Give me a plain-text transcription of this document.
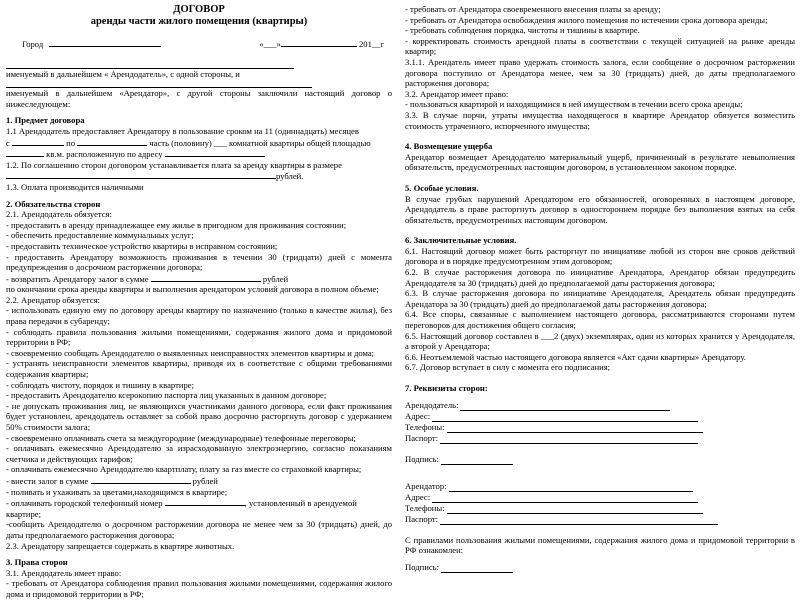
ДОГОВОР
аренды части жилого помещения (квартиры)
Город	«___»	201__г
именуемый в дальнейшем « Арендодатель», с одной стороны, и
именуемый в дальнейшем «Арендатор», с другой стороны заключили настоящий договор о нижеследующем:
1. Предмет договора
1.1 Арендодатель предоставляет Арендатору в пользование сроком на 11 (одиннадцать) месяцев
с	по	часть (половину) ___ комнатной квартиры общей площадью
кв.м. расположенную по адресу
1.2. По соглашению сторон договором устанавливается плата за аренду квартиры в размере
рублей.
1.3. Оплата производится наличными
2. Обязательства сторон
2.1. Арендодатель обязуется:
- предоставить в аренду принадлежащее ему жилье в пригодном для проживания состоянии;
- обеспечить предоставление коммунальных услуг;
- предоставить техническое устройство квартиры в исправном состоянии;
- предоставить Арендатору возможность проживания в течении 30 (тридцати) дней с момента предупреждения о досрочном расторжении договора;
- возвратить Арендатору залог в сумме	рублей
по окончании срока аренды квартиры и выполнения арендатором условий договора в полном объеме;
2.2. Арендатор обязуется:
- использовать единую ему по договору аренды квартиру по назначению (только в качестве жилья), без права передачи в субаренду;
- соблюдать правила пользования жилыми помещениями, содержания жилого дома и придомовой территории в РФ;
- своевременно сообщать Арендодателю о выявленных неисправностях элементов квартиры и дома;
- устранять неисправности элементов квартиры, приводя их в соответствие с общими требованиями содержания квартиры;
- соблюдать чистоту, порядок и тишину в квартире;
- предоставить Арендодателю ксерокопию паспорта лиц указанных в данном договоре;
- не допускать проживания лиц, не являющихся участниками данного договора, если факт проживания будет установлен, арендодатель оставляет за собой право досрочно расторгнуть договор с удержанием 50% стоимости залога;
- своевременно оплачивать счета за междугородние (международные) телефонные переговоры;
- оплачивать ежемесячно Арендодателю за израсходованную электроэнергию, согласно показаниям счетчика и действующих тарифов;
- оплачивать ежемесячно Арендодателю квартплату, плату за газ вместе со страховкой квартиры;
- внести залог в сумме	рублей
- поливать и ухаживать за цветами,находящимся в квартире;
- оплачивать городской телефонный номер	, установленный в арендуемой квартире;
-сообщить Арендодателю о досрочном расторжении договора не менее чем за 30 (тридцать) дней, до даты предполагаемого расторжения договора;
2.3. Арендатору запрещается содержать в квартире животных.
3. Права сторон
3.1. Арендодатель имеет право:
- требовать от Арендатора соблюдения правил пользования жилыми помещениями, содержания жилого дома и придомовой территории в РФ;
- требовать от Арендатора своевременного внесения платы за аренду;
- требовать от Арендатора освобождения жилого помещения по истечении срока договора аренды;
- требовать соблюдения порядка, чистоты и тишины в квартире.
- корректировать стоимость арендной платы в соответствии с текущей ситуацией на рынке аренды квартир;
3.1.1. Арендатель имеет право удержать стоимость залога, если сообщение о досрочном расторжении договора поступило от Арендатора менее, чем за 30 (тридцать) дней, до даты предполагаемого расторжения договора;
3.2. Арендатор имеет право:
- пользоваться квартирой и находящимися в ней имуществом в течении всего срока аренды;
3.3. В случае порчи, утраты имущества находящегося в квартире Арендатор обязуется возместить стоимость утраченного, испорченного имущества;
4. Возмещение ущерба
Арендатор возмещает Арендодателю материальный ущерб, причиненный в результате невыполнения обязательств, предусмотренных настоящим договором, в установленном законом порядке.
5. Особые условия.
В случае грубых нарушений Арендатором его обязанностей, оговоренных в настоящем договоре, Арендодатель в праве расторгнуть договор в одностороннем порядке без выполнения взятых на себя обязательств, предусмотренных настоящим договором.
6. Заключительные условия.
6.1. Настоящий договор может быть расторгнут по инициативе любой из сторон вне сроков действий договора и в порядке предусмотренном этим договором;
6.2. В случае расторжения договора по инициативе Арендатора, Арендатор обязан предупредить Арендодателя за 30 (тридцать) дней до предполагаемой даты расторжения договора;
6.3. В случае расторжения договора по инициативе Арендодателя, Арендатель обязан предупредить Арендатора за 30 (тридцать) дней до предполагаемой даты расторжения договора;
6.4. Все споры, связанные с выполнением настоящего договора, рассматриваются сторонами путем переговоров для достижения общего согласия;
6.5. Настоящий договор составлен в ___2 (двух) экземплярах, один из которых хранится у Арендодателя, а второй у Арендатора;
6.6. Неотъемлемой частью настоящего договора является «Акт сдачи квартиры» Арендатору.
6.7. Договор вступает в силу с момента его подписания;
7. Реквизиты сторон:
Арендодатель:
Адрес:
Телефоны:
Паспорт:
Подпись:
Арендатор:
Адрес:
Телефоны:
Паспорт:
С правилами пользования жилыми помещениями, содержания жилого дома и придомовой территории в РФ ознакомлен:
Подпись:
